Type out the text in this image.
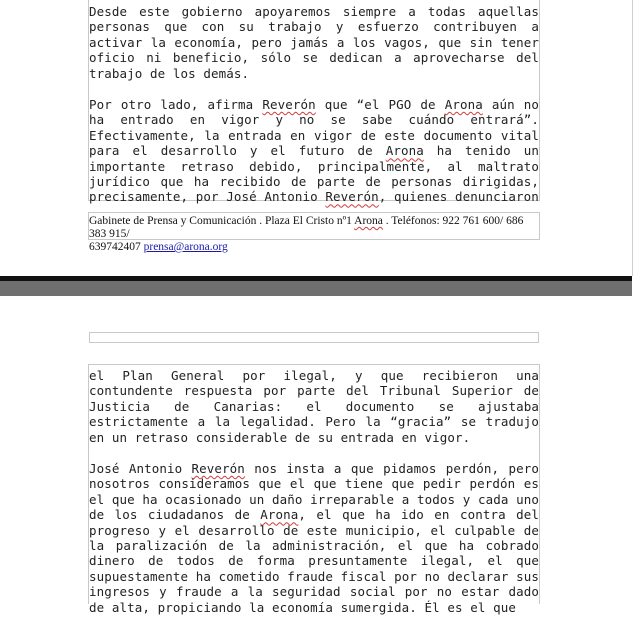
Desde este gobierno apoyaremos siempre a todas aquellas
personas que con su trabajo y esfuerzo contribuyen a
activar la economía, pero jamás a los vagos, que sin tener
oficio ni beneficio, sólo se dedican a aprovecharse del
trabajo de los demás.

Por otro lado, afirma Reverón que “el PGO de Arona aún no
ha entrado en vigor y no se sabe cuándo entrará”.
Efectivamente, la entrada en vigor de este documento vital
para el desarrollo y el futuro de Arona ha tenido un
importante retraso debido, principalmente, al maltrato
jurídico que ha recibido de parte de personas dirigidas,
precisamente, por José Antonio Reverón, quienes denunciaron

Gabinete de Prensa y Comunicación . Plaza El Cristo nº1 Arona . Teléfonos: 922 761 600/ 686 383 915/
639742407 prensa@arona.org

el Plan General por ilegal, y que recibieron una
contundente respuesta por parte del Tribunal Superior de
Justicia de Canarias: el documento se ajustaba
estrictamente a la legalidad. Pero la “gracia” se tradujo
en un retraso considerable de su entrada en vigor.

José Antonio Reverón nos insta a que pidamos perdón, pero
nosotros consideramos que el que tiene que pedir perdón es
el que ha ocasionado un daño irreparable a todos y cada uno
de los ciudadanos de Arona, el que ha ido en contra del
progreso y el desarrollo de este municipio, el culpable de
la paralización de la administración, el que ha cobrado
dinero de todos de forma presuntamente ilegal, el que
supuestamente ha cometido fraude fiscal por no declarar sus
ingresos y fraude a la seguridad social por no estar dado
de alta, propiciando la economía sumergida. Él es el que
